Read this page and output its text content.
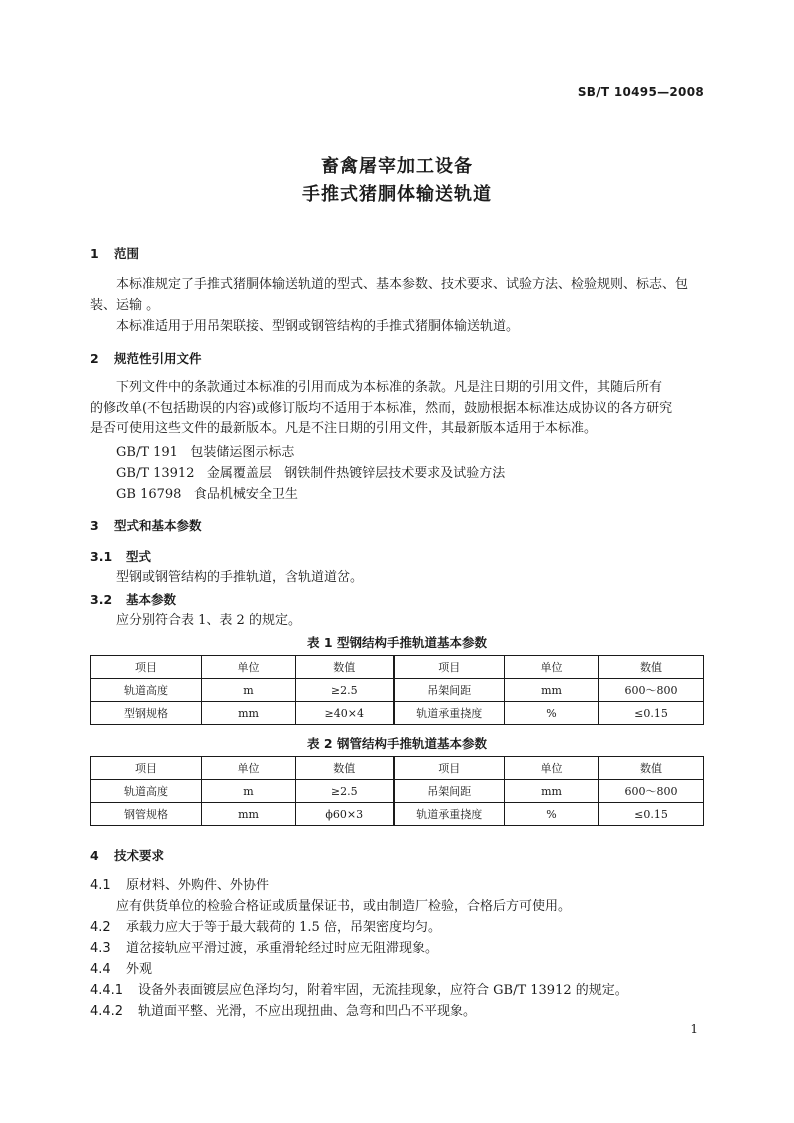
SB/T 10495—2008
畜禽屠宰加工设备
手推式猪胴体输送轨道
1 范围
本标准规定了手推式猪胴体输送轨道的型式、基本参数、技术要求、试验方法、检验规则、标志、包
装、运输 。
本标准适用于用吊架联接、型钢或钢管结构的手推式猪胴体输送轨道。
2 规范性引用文件
下列文件中的条款通过本标准的引用而成为本标准的条款。凡是注日期的引用文件，其随后所有
的修改单(不包括勘误的内容)或修订版均不适用于本标准，然而，鼓励根据本标准达成协议的各方研究
是否可使用这些文件的最新版本。凡是不注日期的引用文件，其最新版本适用于本标准。
GB/T 191   包装储运图示标志
GB/T 13912   金属覆盖层   钢铁制件热镀锌层技术要求及试验方法
GB 16798   食品机械安全卫生
3 型式和基本参数
3.1 型式
型钢或钢管结构的手推轨道，含轨道道岔。
3.2 基本参数
应分别符合表 1、表 2 的规定。
表 1 型钢结构手推轨道基本参数
项目	单位	数值	项目	单位	数值
轨道高度	m	≥2.5	吊架间距	mm	600～800
型钢规格	mm	≥40×4	轨道承重挠度	%	≤0.15
表 2 钢管结构手推轨道基本参数
项目	单位	数值	项目	单位	数值
轨道高度	m	≥2.5	吊架间距	mm	600～800
钢管规格	mm	ϕ60×3	轨道承重挠度	%	≤0.15
4 技术要求
4.1 原材料、外购件、外协件
应有供货单位的检验合格证或质量保证书，或由制造厂检验，合格后方可使用。
4.2 承载力应大于等于最大载荷的 1.5 倍，吊架密度均匀。
4.3 道岔接轨应平滑过渡，承重滑轮经过时应无阻滞现象。
4.4 外观
4.4.1 设备外表面镀层应色泽均匀，附着牢固，无流挂现象，应符合 GB/T 13912 的规定。
4.4.2 轨道面平整、光滑，不应出现扭曲、急弯和凹凸不平现象。
1
